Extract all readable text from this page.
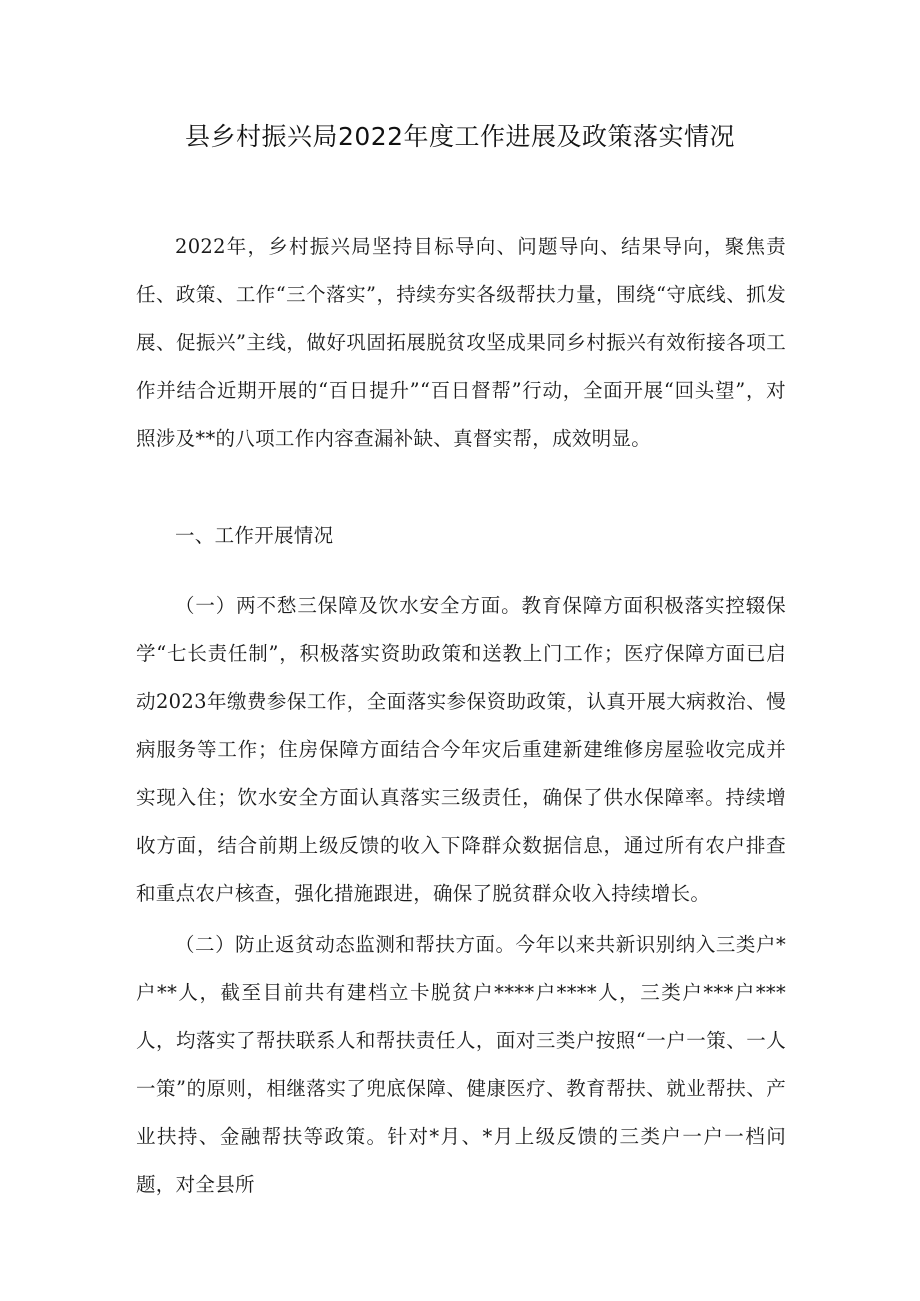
县乡村振兴局2022年度工作进展及政策落实情况

2022年，乡村振兴局坚持目标导向、问题导向、结果导向，聚焦责任、政策、工作“三个落实”，持续夯实各级帮扶力量，围绕“守底线、抓发展、促振兴”主线，做好巩固拓展脱贫攻坚成果同乡村振兴有效衔接各项工作并结合近期开展的“百日提升”“百日督帮”行动，全面开展“回头望”，对照涉及**的八项工作内容查漏补缺、真督实帮，成效明显。

一、工作开展情况

（一）两不愁三保障及饮水安全方面。教育保障方面积极落实控辍保学“七长责任制”，积极落实资助政策和送教上门工作；医疗保障方面已启动2023年缴费参保工作，全面落实参保资助政策，认真开展大病救治、慢病服务等工作；住房保障方面结合今年灾后重建新建维修房屋验收完成并实现入住；饮水安全方面认真落实三级责任，确保了供水保障率。持续增收方面，结合前期上级反馈的收入下降群众数据信息，通过所有农户排查和重点农户核查，强化措施跟进，确保了脱贫群众收入持续增长。

（二）防止返贫动态监测和帮扶方面。今年以来共新识别纳入三类户*户**人，截至目前共有建档立卡脱贫户****户****人，三类户***户***人，均落实了帮扶联系人和帮扶责任人，面对三类户按照“一户一策、一人一策”的原则，相继落实了兜底保障、健康医疗、教育帮扶、就业帮扶、产业扶持、金融帮扶等政策。针对*月、*月上级反馈的三类户一户一档问题，对全县所
